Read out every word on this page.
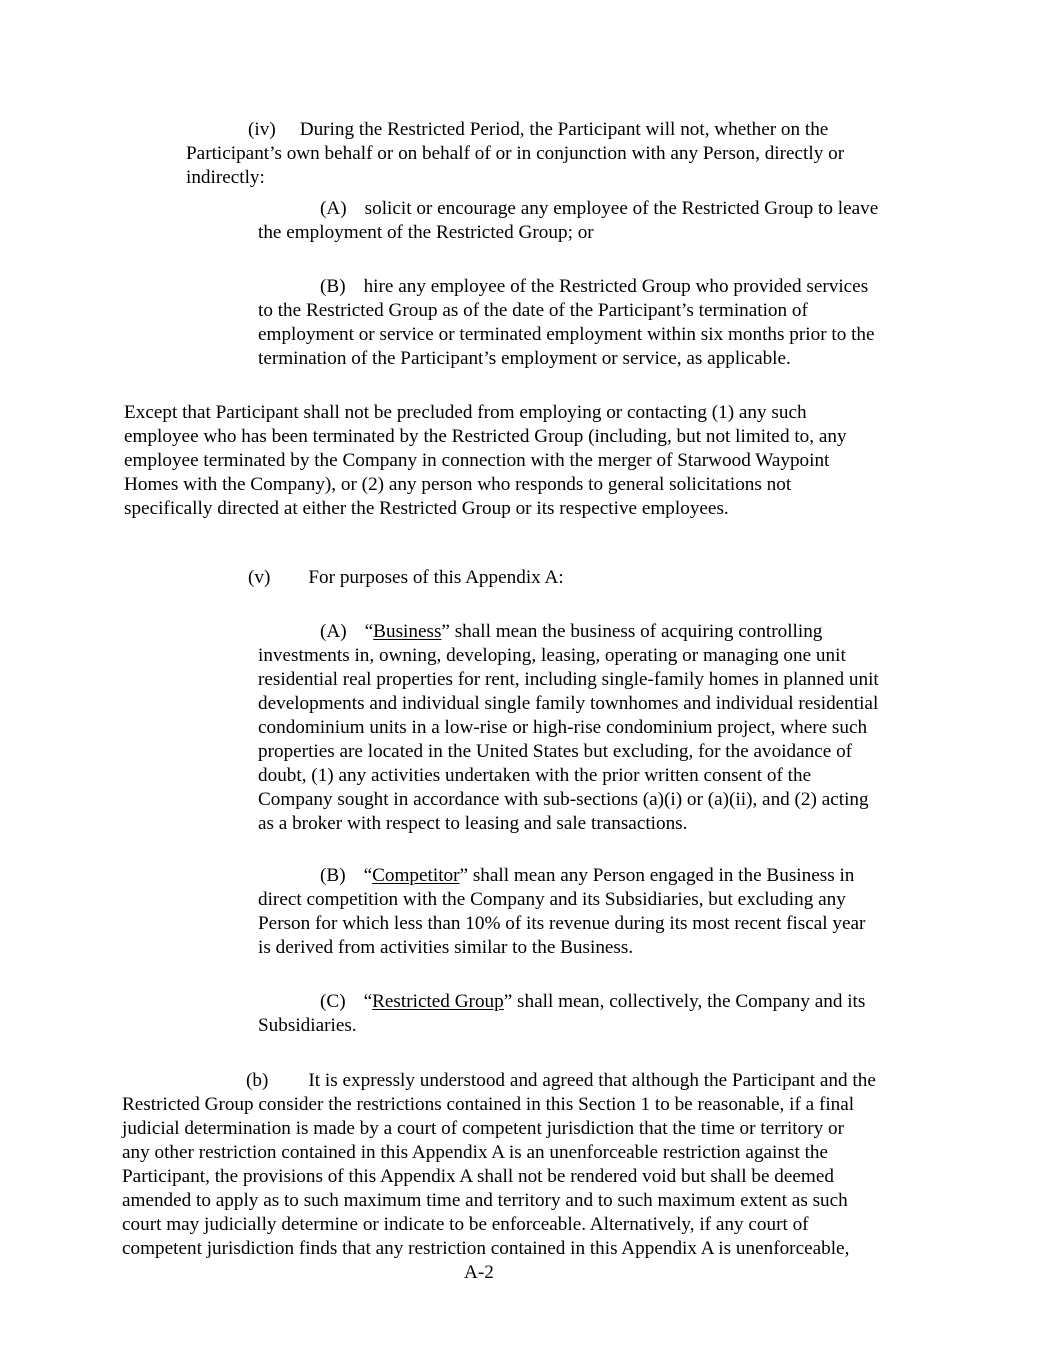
(iv) During the Restricted Period, the Participant will not, whether on the
Participant’s own behalf or on behalf of or in conjunction with any Person, directly or
indirectly:
(A) solicit or encourage any employee of the Restricted Group to leave
the employment of the Restricted Group; or
(B) hire any employee of the Restricted Group who provided services
to the Restricted Group as of the date of the Participant’s termination of
employment or service or terminated employment within six months prior to the
termination of the Participant’s employment or service, as applicable.
Except that Participant shall not be precluded from employing or contacting (1) any such
employee who has been terminated by the Restricted Group (including, but not limited to, any
employee terminated by the Company in connection with the merger of Starwood Waypoint
Homes with the Company), or (2) any person who responds to general solicitations not
specifically directed at either the Restricted Group or its respective employees.
(v) For purposes of this Appendix A:
(A) “Business” shall mean the business of acquiring controlling
investments in, owning, developing, leasing, operating or managing one unit
residential real properties for rent, including single-family homes in planned unit
developments and individual single family townhomes and individual residential
condominium units in a low-rise or high-rise condominium project, where such
properties are located in the United States but excluding, for the avoidance of
doubt, (1) any activities undertaken with the prior written consent of the
Company sought in accordance with sub-sections (a)(i) or (a)(ii), and (2) acting
as a broker with respect to leasing and sale transactions.
(B) “Competitor” shall mean any Person engaged in the Business in
direct competition with the Company and its Subsidiaries, but excluding any
Person for which less than 10% of its revenue during its most recent fiscal year
is derived from activities similar to the Business.
(C) “Restricted Group” shall mean, collectively, the Company and its
Subsidiaries.
(b) It is expressly understood and agreed that although the Participant and the
Restricted Group consider the restrictions contained in this Section 1 to be reasonable, if a final
judicial determination is made by a court of competent jurisdiction that the time or territory or
any other restriction contained in this Appendix A is an unenforceable restriction against the
Participant, the provisions of this Appendix A shall not be rendered void but shall be deemed
amended to apply as to such maximum time and territory and to such maximum extent as such
court may judicially determine or indicate to be enforceable. Alternatively, if any court of
competent jurisdiction finds that any restriction contained in this Appendix A is unenforceable,
A-2
